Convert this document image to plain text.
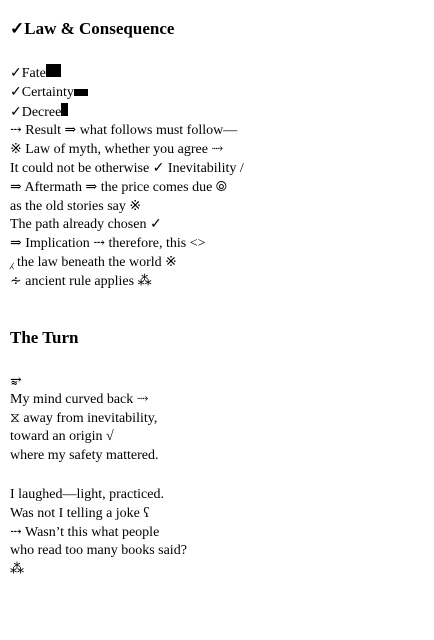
✓Law & Consequence
✓Fate
✓Certainty
✓Decree
⤏ Result ⇒ what follows must follow—
※ Law of myth, whether you agree ⤑
It could not be otherwise ✓ Inevitability /
⇒ Aftermath ⇒ the price comes due ⦾
as the old stories say ※
The path already chosen ✓
⇒ Implication ⤏ therefore, this <>
⁁ the law beneath the world ※
∻ ancient rule applies ⁂
The Turn
⥵
My mind curved back ⤑
⧖ away from inevitability,
toward an origin √
where my safety mattered.
I laughed—light, practiced.
Was not I telling a joke ʕ
⤏ Wasn’t this what people
who read too many books said?
⁂
